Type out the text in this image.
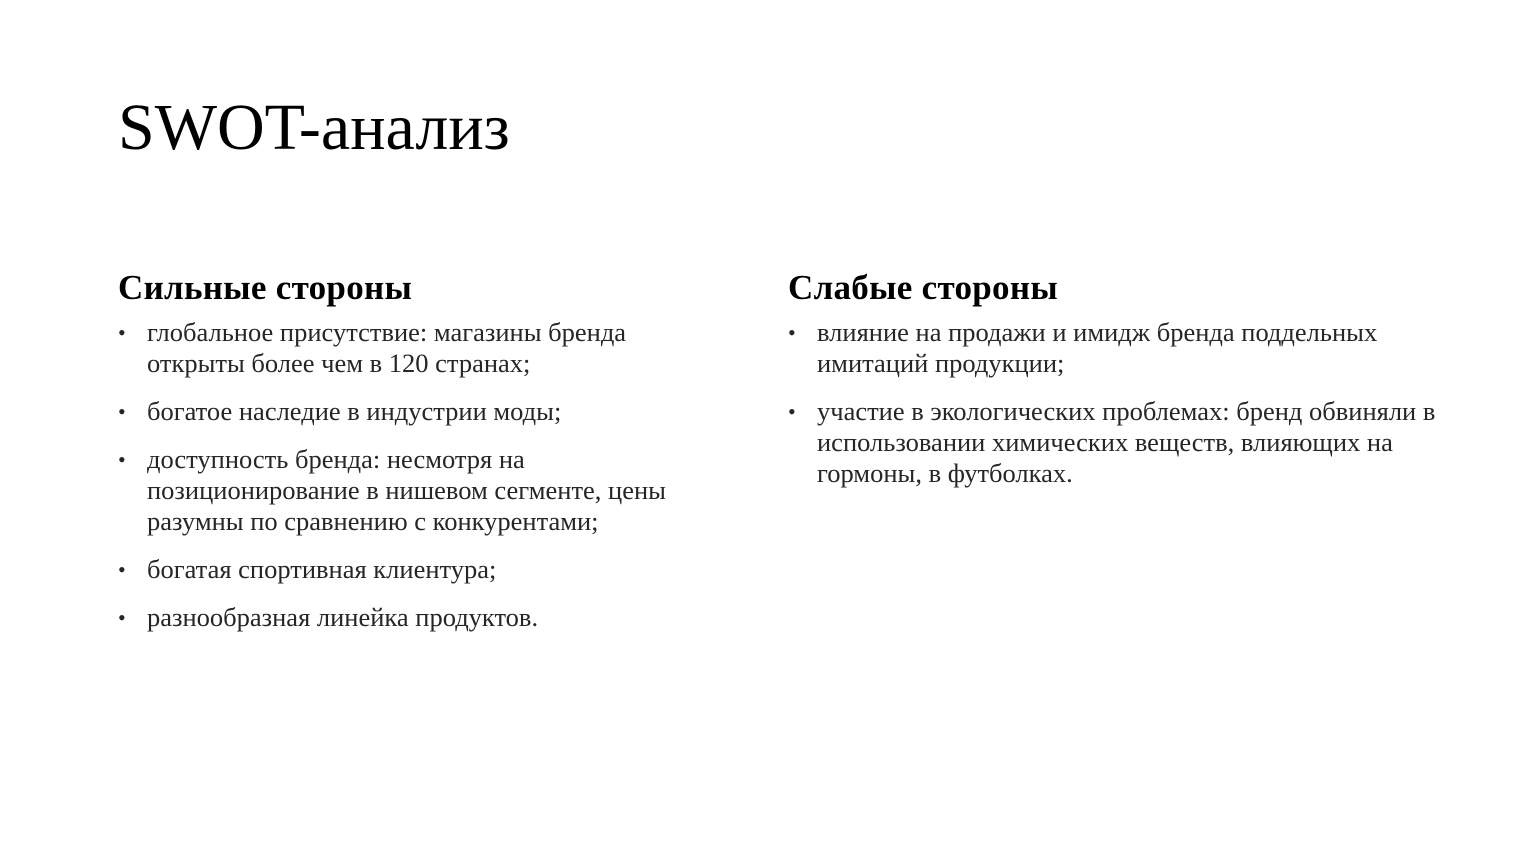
SWOT-анализ
Сильные стороны
• глобальное присутствие: магазины бренда открыты более чем в 120 странах;
• богатое наследие в индустрии моды;
• доступность бренда: несмотря на позиционирование в нишевом сегменте, цены разумны по сравнению с конкурентами;
• богатая спортивная клиентура;
• разнообразная линейка продуктов.
Слабые стороны
• влияние на продажи и имидж бренда поддельных имитаций продукции;
• участие в экологических проблемах: бренд обвиняли в использовании химических веществ, влияющих на гормоны, в футболках.
